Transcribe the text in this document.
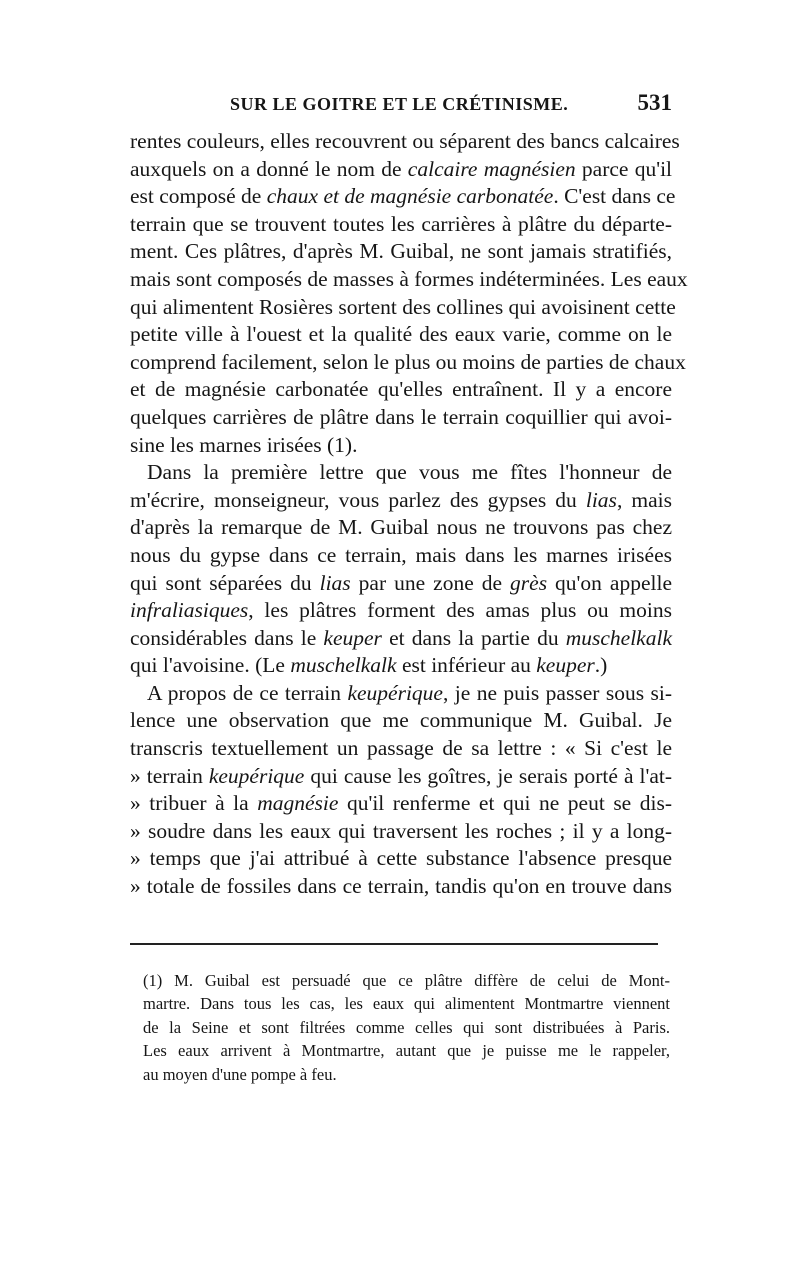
SUR LE GOITRE ET LE CRÉTINISME.	531

rentes couleurs, elles recouvrent ou séparent des bancs calcaires
auxquels on a donné le nom de calcaire magnésien parce qu'il
est composé de chaux et de magnésie carbonatée. C'est dans ce
terrain que se trouvent toutes les carrières à plâtre du départe-
ment. Ces plâtres, d'après M. Guibal, ne sont jamais stratifiés,
mais sont composés de masses à formes indéterminées. Les eaux
qui alimentent Rosières sortent des collines qui avoisinent cette
petite ville à l'ouest et la qualité des eaux varie, comme on le
comprend facilement, selon le plus ou moins de parties de chaux
et de magnésie carbonatée qu'elles entraînent. Il y a encore
quelques carrières de plâtre dans le terrain coquillier qui avoi-
sine les marnes irisées (1).

Dans la première lettre que vous me fîtes l'honneur de
m'écrire, monseigneur, vous parlez des gypses du lias, mais
d'après la remarque de M. Guibal nous ne trouvons pas chez
nous du gypse dans ce terrain, mais dans les marnes irisées
qui sont séparées du lias par une zone de grès qu'on appelle
infraliasiques, les plâtres forment des amas plus ou moins
considérables dans le keuper et dans la partie du muschelkalk
qui l'avoisine. (Le muschelkalk est inférieur au keuper.)

A propos de ce terrain keupérique, je ne puis passer sous si-
lence une observation que me communique M. Guibal. Je
transcris textuellement un passage de sa lettre : « Si c'est le
» terrain keupérique qui cause les goîtres, je serais porté à l'at-
» tribuer à la magnésie qu'il renferme et qui ne peut se dis-
» soudre dans les eaux qui traversent les roches ; il y a long-
» temps que j'ai attribué à cette substance l'absence presque
» totale de fossiles dans ce terrain, tandis qu'on en trouve dans

(1) M. Guibal est persuadé que ce plâtre diffère de celui de Mont-
martre. Dans tous les cas, les eaux qui alimentent Montmartre viennent
de la Seine et sont filtrées comme celles qui sont distribuées à Paris.
Les eaux arrivent à Montmartre, autant que je puisse me le rappeler,
au moyen d'une pompe à feu.
